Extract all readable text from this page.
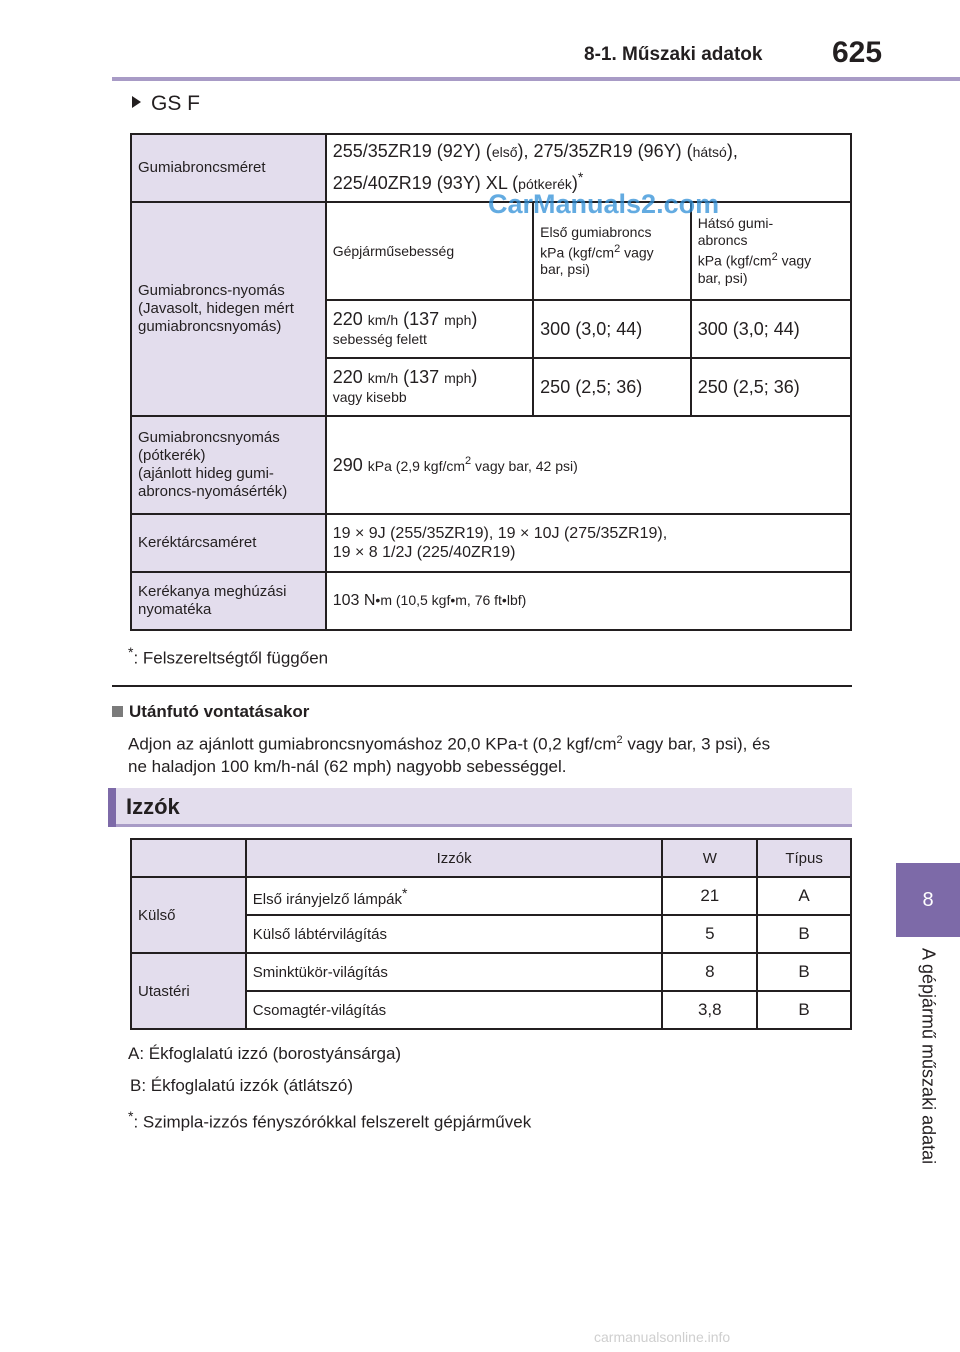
8-1. Műszaki adatok 625
8
A gépjármű műszaki adatai
GS F
Gumiabroncsméret	255/35ZR19 (92Y) (első), 275/35ZR19 (96Y) (hátsó),
225/40ZR19 (93Y) XL (pótkerék)*
Gumiabroncs-nyomás
(Javasolt, hidegen mért
gumiabroncsnyomás)	Gépjárműsebesség	Első gumiabroncs
kPa ($kgf/cm^2$ vagy
bar, psi)	Hátsó gumi-
abroncs
kPa ($kgf/cm^2$ vagy
bar, psi)
	220 km/h (137 mph)
sebesség felett	300 (3,0; 44)	300 (3,0; 44)
	220 km/h (137 mph)
vagy kisebb	250 (2,5; 36)	250 (2,5; 36)
Gumiabroncsnyomás
(pótkerék)
(ajánlott hideg gumi-
abroncs-nyomásérték)	290 kPa (2,9 kgf/$cm^2$ vagy bar, 42 psi)		
Keréktárcsaméret	19 × 9J (255/35ZR19), 19 × 10J (275/35ZR19),
19 × 8 1/2J (225/40ZR19)		
Kerékanya meghúzási
nyomatéka	103 N•m (10,5 kgf•m, 76 ft•lbf)		
CarManuals2.com
*: Felszereltségtől függően
Utánfutó vontatásakor
Adjon az ajánlott gumiabroncsnyomáshoz 20,0 KPa-t (0,2 kgf/$cm^2$ vagy bar, 3 psi), és
ne haladjon 100 km/h-nál (62 mph) nagyobb sebességgel.
Izzók
	Izzók	W	Típus
Külső	Első irányjelző lámpák*	21	A
	Külső lábtérvilágítás	5	B
Utastéri	Sminktükör-világítás	8	B
	Csomagtér-világítás	3,8	B
A: Ékfoglalatú izzó (borostyánsárga)
B: Ékfoglalatú izzók (átlátszó)
*: Szimpla-izzós fényszórókkal felszerelt gépjárművek
carmanualsonline.info
